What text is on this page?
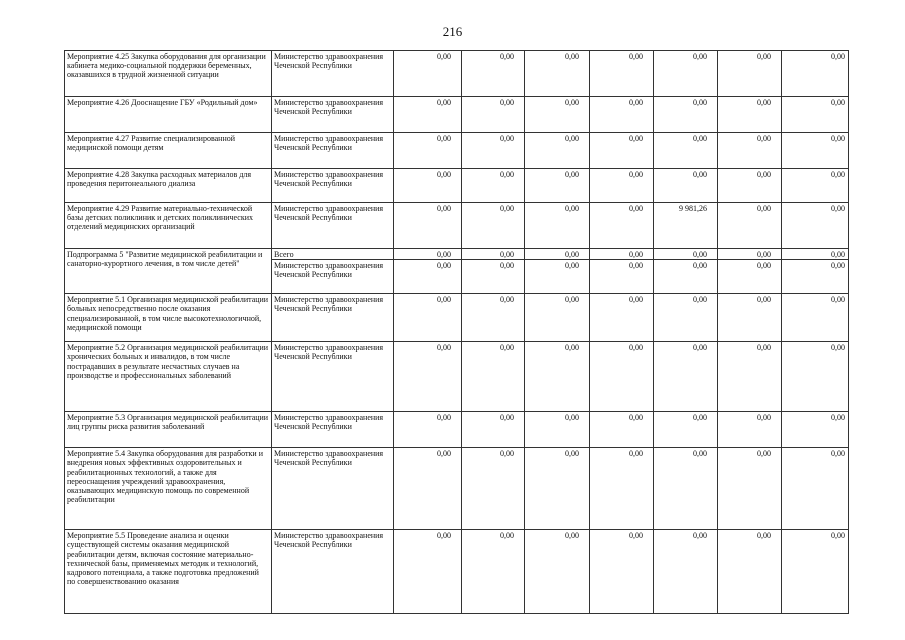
216
Мероприятие 4.25 Закупка оборудования для организации кабинета медико-социальной поддержки беременных, оказавшихся в трудной жизненной ситуации	Министерство здравоохранения Чеченской Республики	0,00	0,00	0,00	0,00	0,00	0,00	0,00
Мероприятие 4.26 Дооснащение ГБУ «Родильный дом»	Министерство здравоохранения Чеченской Республики	0,00	0,00	0,00	0,00	0,00	0,00	0,00
Мероприятие 4.27 Развитие специализированной медицинской помощи детям	Министерство здравоохранения Чеченской Республики	0,00	0,00	0,00	0,00	0,00	0,00	0,00
Мероприятие 4.28 Закупка расходных материалов для проведения перитонеального диализа	Министерство здравоохранения Чеченской Республики	0,00	0,00	0,00	0,00	0,00	0,00	0,00
Мероприятие 4.29 Развитие материально-технической базы детских поликлиник и детских поликлинических отделений медицинских организаций	Министерство здравоохранения Чеченской Республики	0,00	0,00	0,00	0,00	9 981,26	0,00	0,00
Подпрограмма 5 "Развитие медицинской реабилитации и санаторно-курортного лечения, в том числе детей"	Всего	0,00	0,00	0,00	0,00	0,00	0,00	0,00
	Министерство здравоохранения Чеченской Республики	0,00	0,00	0,00	0,00	0,00	0,00	0,00
Мероприятие 5.1 Организация медицинской реабилитации больных непосредственно после оказания специализированной, в том числе высокотехнологичной, медицинской помощи	Министерство здравоохранения Чеченской Республики	0,00	0,00	0,00	0,00	0,00	0,00	0,00
Мероприятие 5.2 Организация медицинской реабилитации хронических больных и инвалидов, в том числе пострадавших в результате несчастных случаев на производстве и профессиональных заболеваний	Министерство здравоохранения Чеченской Республики	0,00	0,00	0,00	0,00	0,00	0,00	0,00
Мероприятие 5.3 Организация медицинской реабилитации лиц группы риска развития заболеваний	Министерство здравоохранения Чеченской Республики	0,00	0,00	0,00	0,00	0,00	0,00	0,00
Мероприятие 5.4 Закупка оборудования для разработки и внедрения новых эффективных оздоровительных и реабилитационных технологий, а также для переоснащения учреждений здравоохранения, оказывающих медицинскую помощь по современной реабилитации	Министерство здравоохранения Чеченской Республики	0,00	0,00	0,00	0,00	0,00	0,00	0,00
Мероприятие 5.5 Проведение анализа и оценки существующей системы оказания медицинской реабилитации детям, включая состояние материально-технической базы, применяемых методик и технологий, кадрового потенциала, а также подготовка предложений по совершенствованию оказания	Министерство здравоохранения Чеченской Республики	0,00	0,00	0,00	0,00	0,00	0,00	0,00
